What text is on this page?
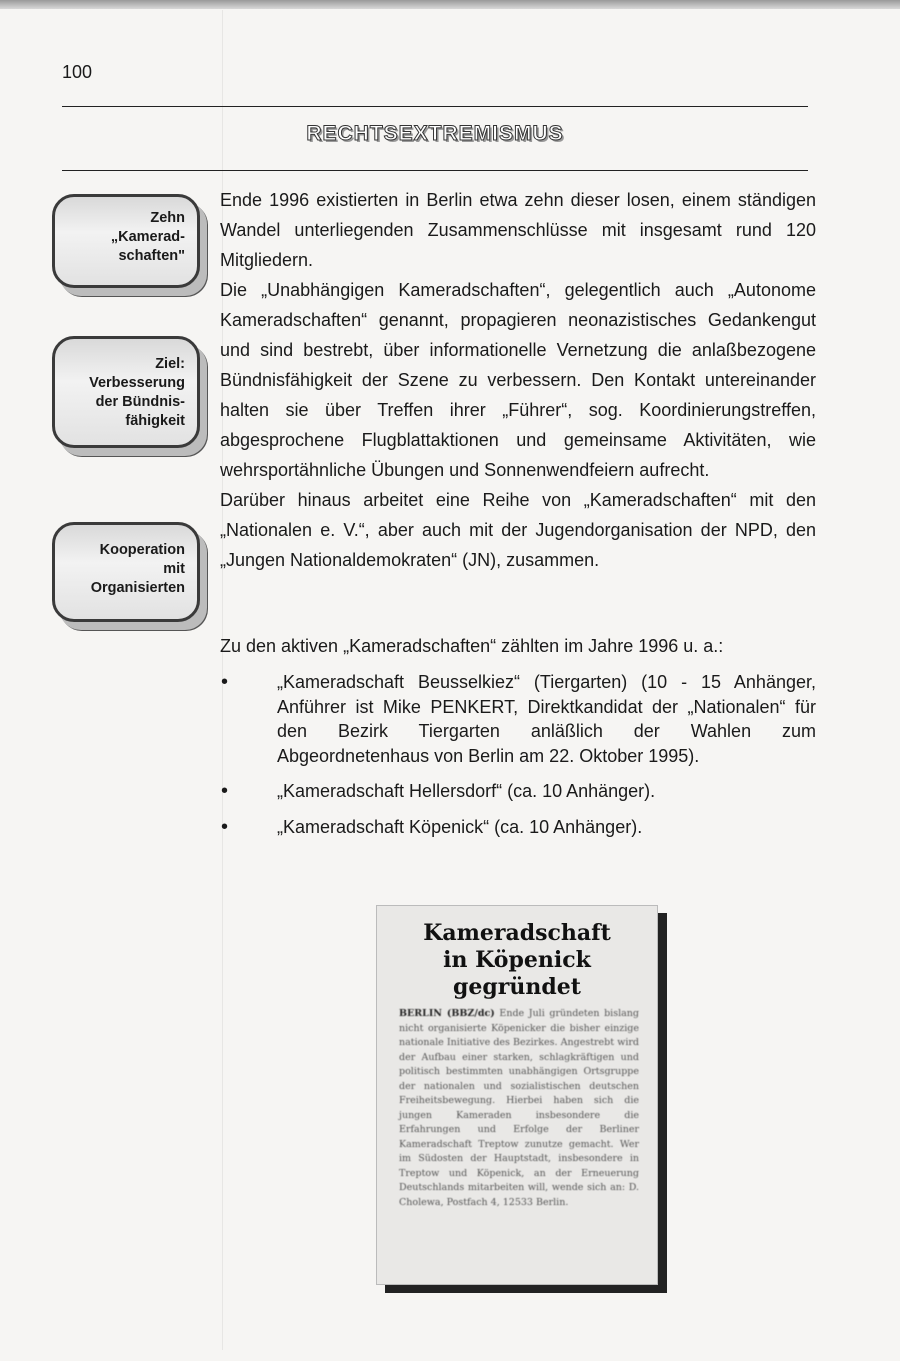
100
RECHTSEXTREMISMUS
Zehn
„Kamerad-
schaften"
Ziel:
Verbesserung
der Bündnis-
fähigkeit
Kooperation
mit
Organisierten

Ende 1996 existierten in Berlin etwa zehn dieser losen, einem ständigen Wandel unterliegenden Zusammenschlüsse mit insgesamt rund 120 Mitgliedern.

Die „Unabhängigen Kameradschaften“, gelegentlich auch „Autonome Kameradschaften“ genannt, propagieren neonazistisches Gedankengut und sind bestrebt, über informationelle Vernetzung die anlaßbezogene Bündnisfähigkeit der Szene zu verbessern. Den Kontakt untereinander halten sie über Treffen ihrer „Führer“, sog. Koordinierungstreffen, abgesprochene Flugblattaktionen und gemeinsame Aktivitäten, wie wehrsportähnliche Übungen und Sonnenwendfeiern aufrecht.

Darüber hinaus arbeitet eine Reihe von „Kameradschaften“ mit den „Nationalen e. V.“, aber auch mit der Jugendorganisation der NPD, den „Jungen Nationaldemokraten“ (JN), zusammen.

Zu den aktiven „Kameradschaften“ zählten im Jahre 1996 u. a.:
•	„Kameradschaft Beusselkiez“ (Tiergarten) (10 - 15 Anhänger, Anführer ist Mike PENKERT, Direktkandidat der „Nationalen“ für den Bezirk Tiergarten anläßlich der Wahlen zum Abgeordnetenhaus von Berlin am 22. Oktober 1995).
•	„Kameradschaft Hellersdorf“ (ca. 10 Anhänger).
•	„Kameradschaft Köpenick“ (ca. 10 Anhänger).
Kameradschaft
in Köpenick
gegründet
BERLIN (BBZ/dc) Ende Juli gründeten bislang nicht organisierte Köpenicker die bisher einzige nationale Initiative des Bezirkes. Angestrebt wird der Aufbau einer starken, schlagkräftigen und politisch bestimmten unabhängigen Ortsgruppe der nationalen und sozialistischen deutschen Freiheitsbewegung. Hierbei haben sich die jungen Kameraden insbesondere die Erfahrungen und Erfolge der Berliner Kameradschaft Treptow zunutze gemacht. Wer im Südosten der Hauptstadt, insbesondere in Treptow und Köpenick, an der Erneuerung Deutschlands mitarbeiten will, wende sich an: D. Cholewa, Postfach 4, 12533 Berlin.
